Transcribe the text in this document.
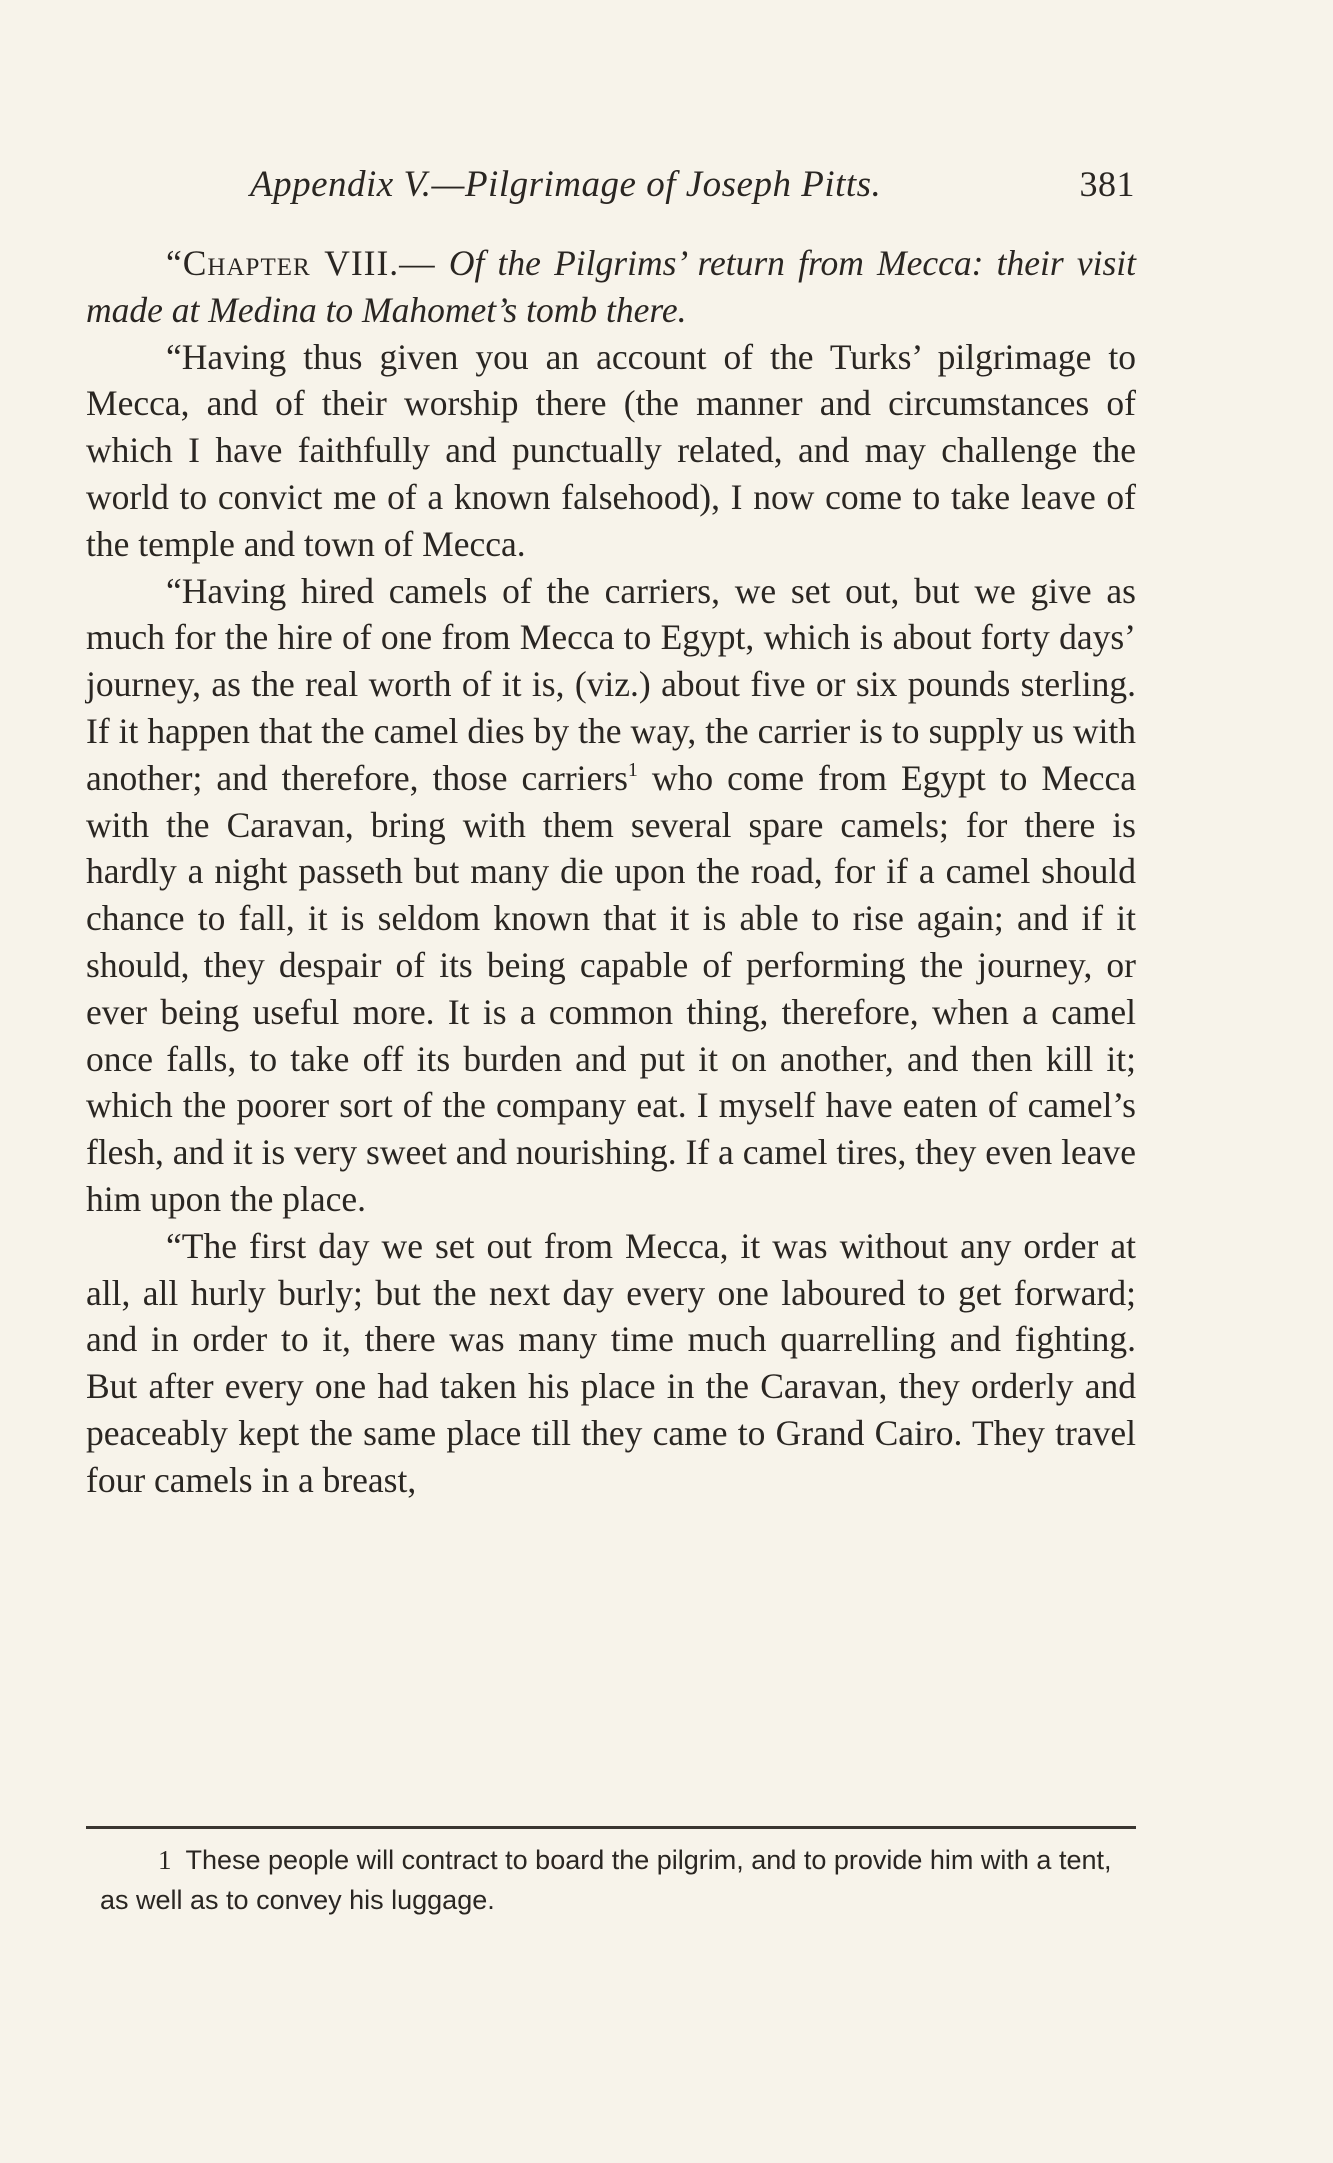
Appendix V.—Pilgrimage of Joseph Pitts.	381
“Chapter VIII.— Of the Pilgrims’ return from Mecca: their visit made at Medina to Mahomet’s tomb there.

“Having thus given you an account of the Turks’ pilgrimage to Mecca, and of their worship there (the manner and circumstances of which I have faithfully and punctually related, and may challenge the world to convict me of a known falsehood), I now come to take leave of the temple and town of Mecca.

“Having hired camels of the carriers, we set out, but we give as much for the hire of one from Mecca to Egypt, which is about forty days’ journey, as the real worth of it is, (viz.) about five or six pounds sterling. If it happen that the camel dies by the way, the carrier is to supply us with another; and therefore, those carriers$^1$ who come from Egypt to Mecca with the Caravan, bring with them several spare camels; for there is hardly a night passeth but many die upon the road, for if a camel should chance to fall, it is seldom known that it is able to rise again; and if it should, they despair of its being capable of performing the journey, or ever being useful more. It is a common thing, therefore, when a camel once falls, to take off its burden and put it on another, and then kill it; which the poorer sort of the company eat. I myself have eaten of camel’s flesh, and it is very sweet and nourishing. If a camel tires, they even leave him upon the place.

“The first day we set out from Mecca, it was without any order at all, all hurly burly; but the next day every one laboured to get forward; and in order to it, there was many time much quarrelling and fighting. But after every one had taken his place in the Caravan, they orderly and peaceably kept the same place till they came to Grand Cairo. They travel four camels in a breast,

1 These people will contract to board the pilgrim, and to provide him with a tent, as well as to convey his luggage.
